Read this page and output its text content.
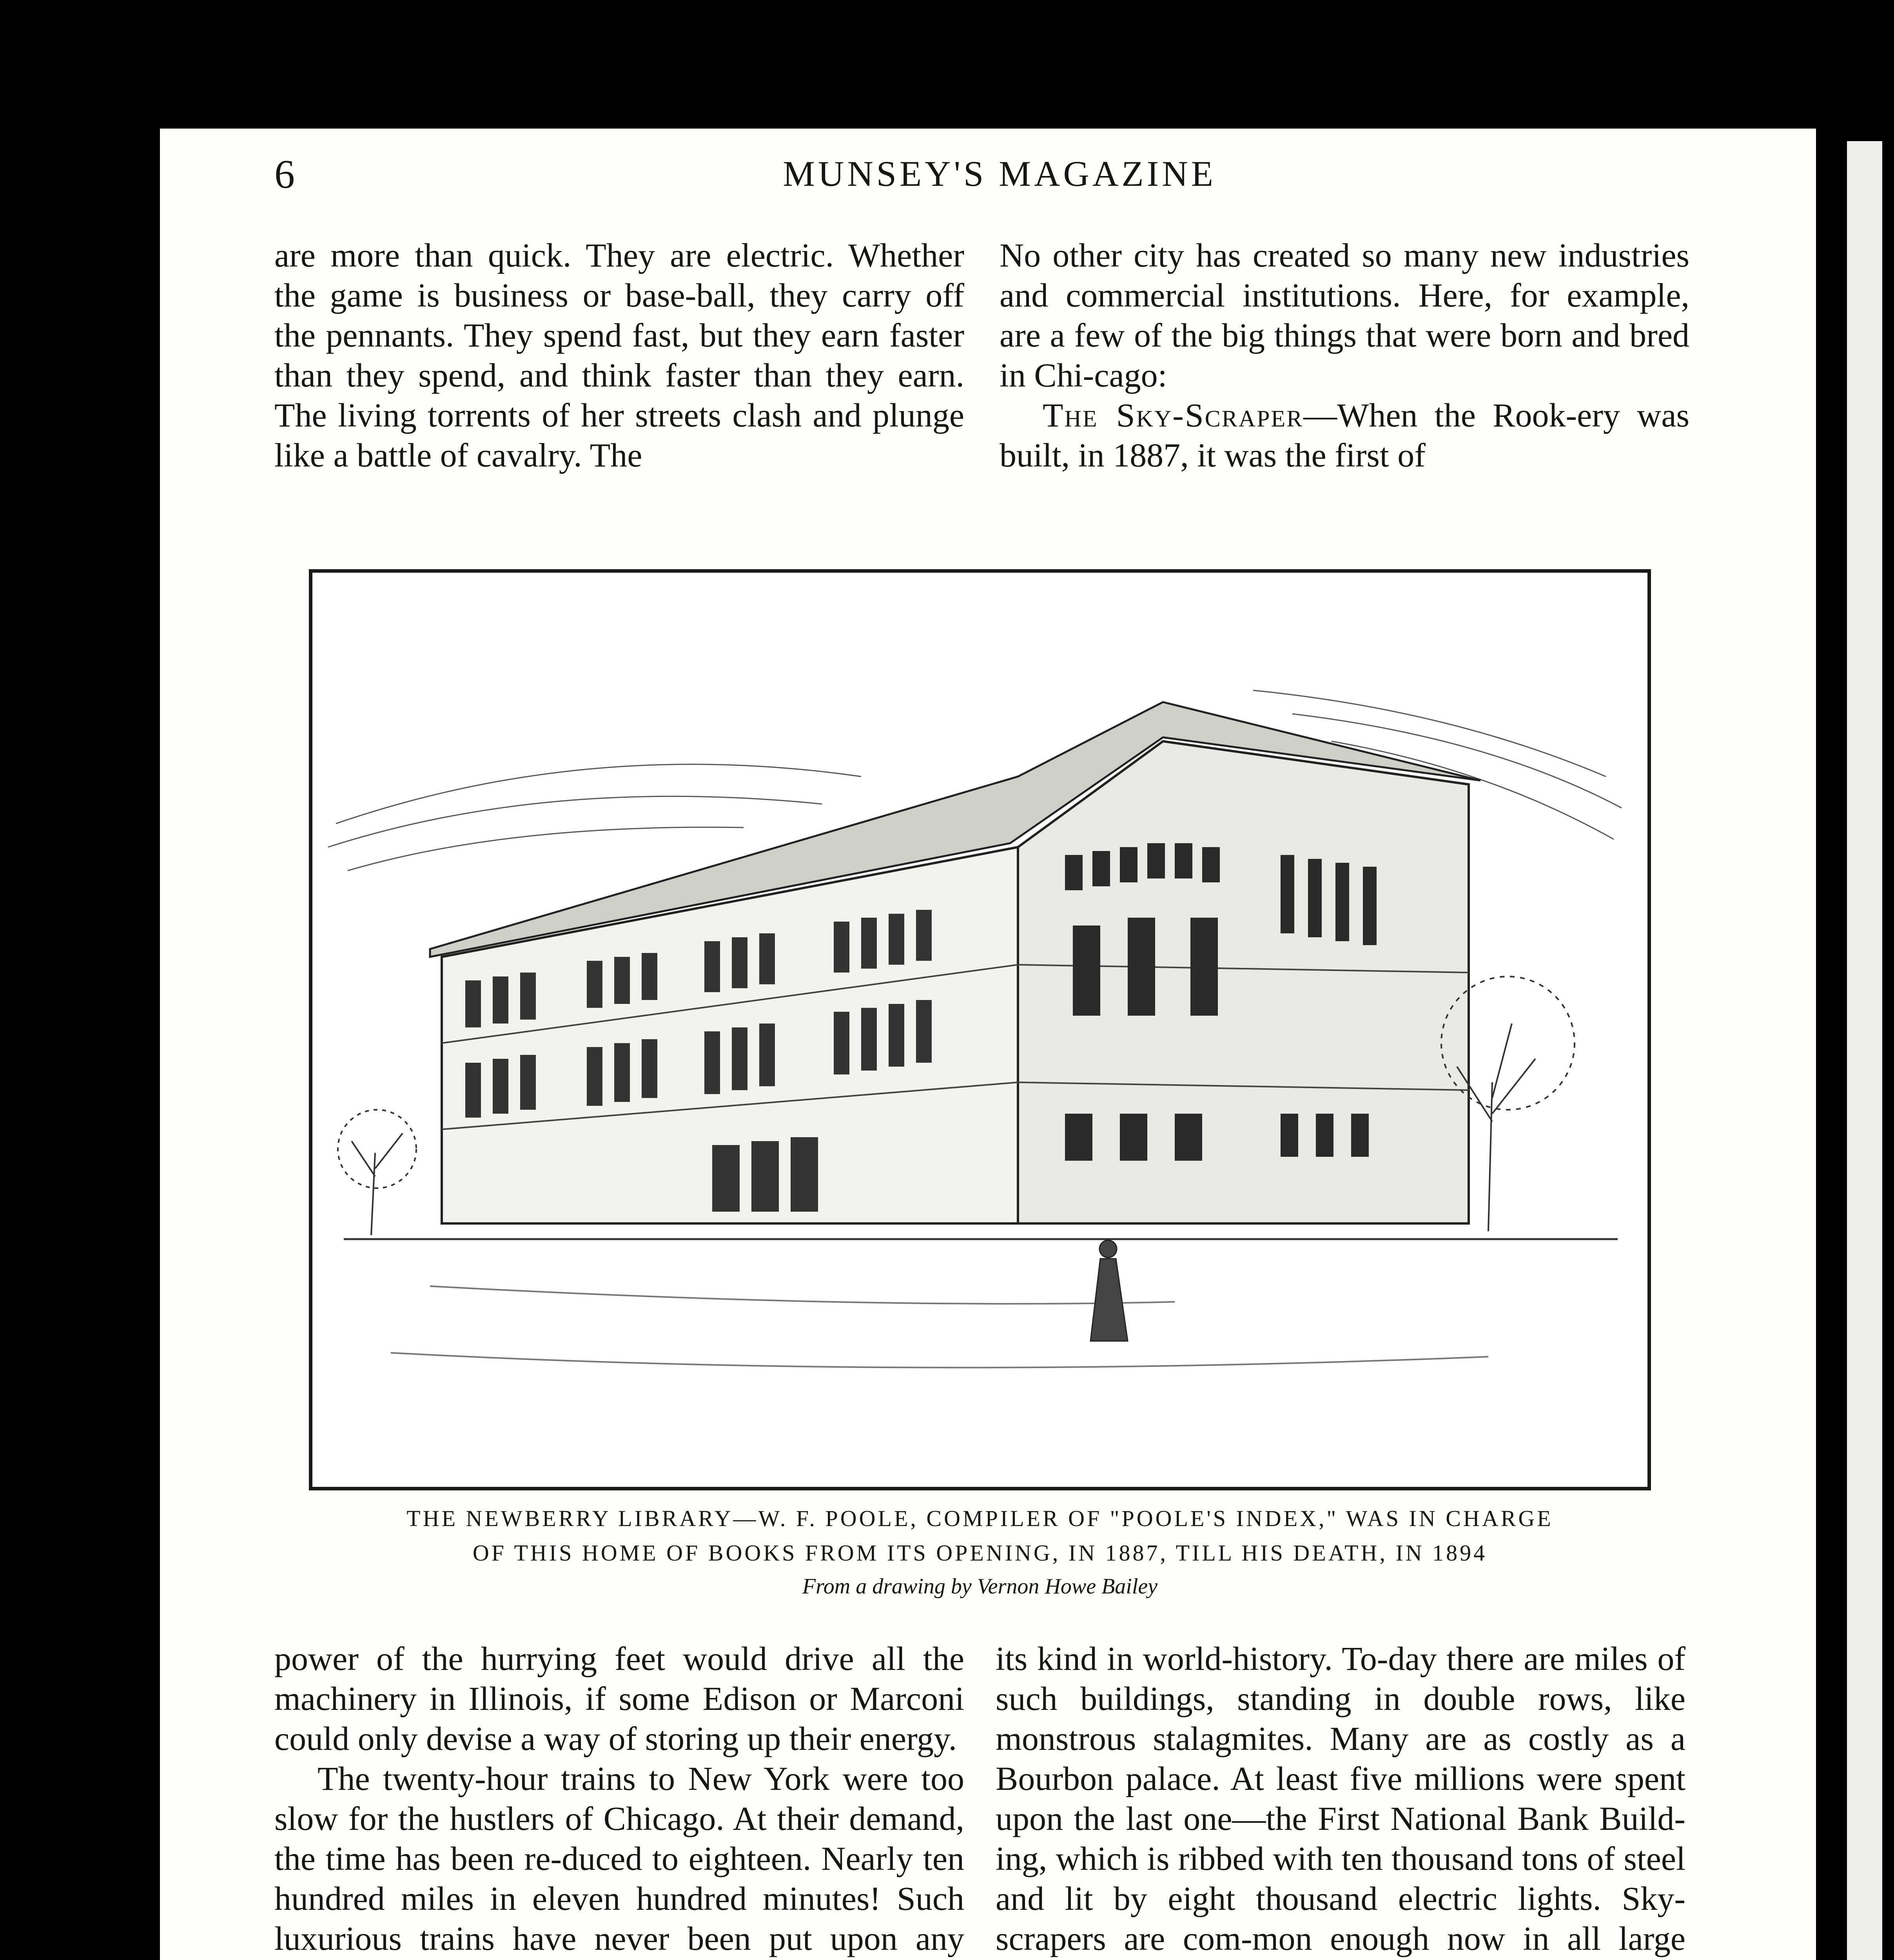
6	MUNSEY'S MAGAZINE

are more than quick. They are electric. Whether the game is business or base-ball, they carry off the pennants. They spend fast, but they earn faster than they spend, and think faster than they earn. The living torrents of her streets clash and plunge like a battle of cavalry. The

No other city has created so many new industries and commercial institutions. Here, for example, are a few of the big things that were born and bred in Chi-cago:

The Sky-Scraper—When the Rook-ery was built, in 1887, it was the first of

THE NEWBERRY LIBRARY—W. F. POOLE, COMPILER OF "POOLE'S INDEX," WAS IN CHARGE
OF THIS HOME OF BOOKS FROM ITS OPENING, IN 1887, TILL HIS DEATH, IN 1894
From a drawing by Vernon Howe Bailey

power of the hurrying feet would drive all the machinery in Illinois, if some Edison or Marconi could only devise a way of storing up their energy.

The twenty-hour trains to New York were too slow for the hustlers of Chicago. At their demand, the time has been re-duced to eighteen. Nearly ten hundred miles in eleven hundred minutes! Such luxurious trains have never been put upon any

its kind in world-history. To-day there are miles of such buildings, standing in double rows, like monstrous stalagmites. Many are as costly as a Bourbon palace. At least five millions were spent upon the last one—the First National Bank Build-ing, which is ribbed with ten thousand tons of steel and lit by eight thousand electric lights. Sky-scrapers are com-mon enough now in all large
